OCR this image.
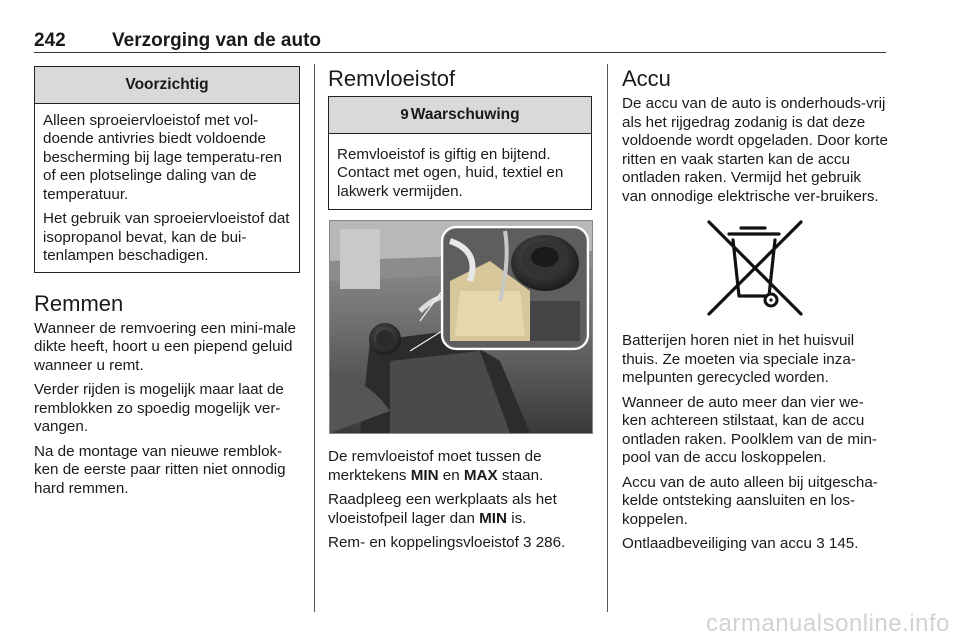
242 Verzorging van de auto
Voorzichtig

Alleen sproeiervloeistof met vol-doende antivries biedt voldoende bescherming bij lage temperatu-ren of een plotselinge daling van de temperatuur.

Het gebruik van sproeiervloeistof dat isopropanol bevat, kan de bui-tenlampen beschadigen.

Remmen

Wanneer de remvoering een mini-male dikte heeft, hoort u een piepend geluid wanneer u remt.

Verder rijden is mogelijk maar laat de remblokken zo spoedig mogelijk ver-vangen.

Na de montage van nieuwe remblok-ken de eerste paar ritten niet onnodig hard remmen.

Remvloeistof
9 Waarschuwing

Remvloeistof is giftig en bijtend. Contact met ogen, huid, textiel en lakwerk vermijden.

De remvloeistof moet tussen de merktekens MIN en MAX staan.

Raadpleeg een werkplaats als het vloeistofpeil lager dan MIN is.

Rem- en koppelingsvloeistof 3 286.

Accu

De accu van de auto is onderhouds-vrij als het rijgedrag zodanig is dat deze voldoende wordt opgeladen. Door korte ritten en vaak starten kan de accu ontladen raken. Vermijd het gebruik van onnodige elektrische ver-bruikers.

Batterijen horen niet in het huisvuil thuis. Ze moeten via speciale inza-melpunten gerecycled worden.

Wanneer de auto meer dan vier we-ken achtereen stilstaat, kan de accu ontladen raken. Poolklem van de min-pool van de accu loskoppelen.

Accu van de auto alleen bij uitgescha-kelde ontsteking aansluiten en los-koppelen.

Ontlaadbeveiliging van accu 3 145.

carmanualsonline.info
